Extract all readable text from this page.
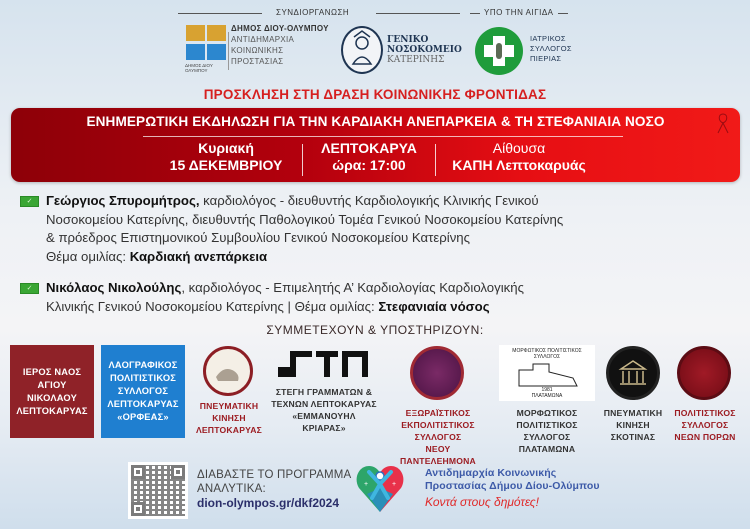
ΣΥΝΔΙΟΡΓΑΝΩΣΗ	ΥΠΟ ΤΗΝ ΑΙΓΙΔΑ
ΔΗΜΟΣ ΔΙΟΥ ΟΛΥΜΠΟΥ
ΔΗΜΟΣ ΔΙΟΥ-ΟΛΥΜΠΟΥ
ΑΝΤΙΔΗΜΑΡΧΙΑ
ΚΟΙΝΩΝΙΚΗΣ
ΠΡΟΣΤΑΣΙΑΣ
ΓΕΝΙΚΟ
ΝΟΣΟΚΟΜΕΙΟ
ΚΑΤΕΡΙΝΗΣ
ΙΑΤΡΙΚΟΣ
ΣΥΛΛΟΓΟΣ
ΠΙΕΡΙΑΣ
ΠΡΟΣΚΛΗΣΗ ΣΤΗ ΔΡΑΣΗ ΚΟΙΝΩΝΙΚΗΣ ΦΡΟΝΤΙΔΑΣ
ΕΝΗΜΕΡΩΤΙΚΗ ΕΚΔΗΛΩΣΗ ΓΙΑ ΤΗΝ ΚΑΡΔΙΑΚΗ ΑΝΕΠΑΡΚΕΙΑ & ΤΗ ΣΤΕΦΑΝΙΑΙΑ ΝΟΣΟ
Κυριακή
15 ΔΕΚΕΜΒΡΙΟΥ
ΛΕΠΤΟΚΑΡΥΑ
ώρα: 17:00
Αίθουσα
ΚΑΠΗ Λεπτοκαρυάς
✓	Γεώργιος Σπυρομήτρος, καρδιολόγος - διευθυντής Καρδιολογικής Κλινικής Γενικού
Νοσοκομείου Κατερίνης, διευθυντής Παθολογικού Τομέα Γενικού Νοσοκομείου Κατερίνης
& πρόεδρος Επιστημονικού Συμβουλίου Γενικού Νοσοκομείου Κατερίνης
Θέμα ομιλίας: Καρδιακή ανεπάρκεια
✓	Νικόλαος Νικολούλης, καρδιολόγος - Επιμελητής Α’ Καρδιολογίας Καρδιολογικής
Κλινικής Γενικού Νοσοκομείου Κατερίνης | Θέμα ομιλίας: Στεφανιαία νόσος
ΣΥΜΜΕΤΕΧΟΥΝ & ΥΠΟΣΤΗΡΙΖΟΥΝ:
ΙΕΡΟΣ ΝΑΟΣ
ΑΓΙΟΥ
ΝΙΚΟΛΑΟΥ
ΛΕΠΤΟΚΑΡΥΑΣ
ΛΑΟΓΡΑΦΙΚΟΣ
ΠΟΛΙΤΙΣΤΙΚΟΣ
ΣΥΛΛΟΓΟΣ
ΛΕΠΤΟΚΑΡΥΑΣ
«ΟΡΦΕΑΣ»
ΠΝΕΥΜΑΤΙΚΗ
ΚΙΝΗΣΗ
ΛΕΠΤΟΚΑΡΥΑΣ
ΣΤΕΓΗ ΓΡΑΜΜΑΤΩΝ &
ΤΕΧΝΩΝ ΛΕΠΤΟΚΑΡΥΑΣ
«ΕΜΜΑΝΟΥΗΛ
ΚΡΙΑΡΑΣ»
ΕΞΩΡΑΪΣΤΙΚΟΣ
ΕΚΠΟΛΙΤΙΣΤΙΚΟΣ
ΣΥΛΛΟΓΟΣ
ΝΕΟΥ ΠΑΝΤΕΛΕΗΜΟΝΑ
ΜΟΡΦΩΤΙΚΟΣ ΠΟΛΙΤΙΣΤΙΚΟΣ ΣΥΛΛΟΓΟΣ
1981
ΠΛΑΤΑΜΩΝΑ
ΜΟΡΦΩΤΙΚΟΣ
ΠΟΛΙΤΙΣΤΙΚΟΣ
ΣΥΛΛΟΓΟΣ
ΠΛΑΤΑΜΩΝΑ
ΠΝΕΥΜΑΤΙΚΗ
ΚΙΝΗΣΗ
ΣΚΟΤΙΝΑΣ
ΠΟΛΙΤΙΣΤΙΚΟΣ
ΣΥΛΛΟΓΟΣ
ΝΕΩΝ ΠΟΡΩΝ
ΔΙΑΒΑΣΤΕ ΤΟ ΠΡΟΓΡΑΜΜΑ
ΑΝΑΛΥΤΙΚΑ:
dion-olympos.gr/dkf2024
+	+
Αντιδημαρχία Κοινωνικής
Προστασίας Δήμου Δίου-Ολύμπου
Κοντά στους δημότες!
